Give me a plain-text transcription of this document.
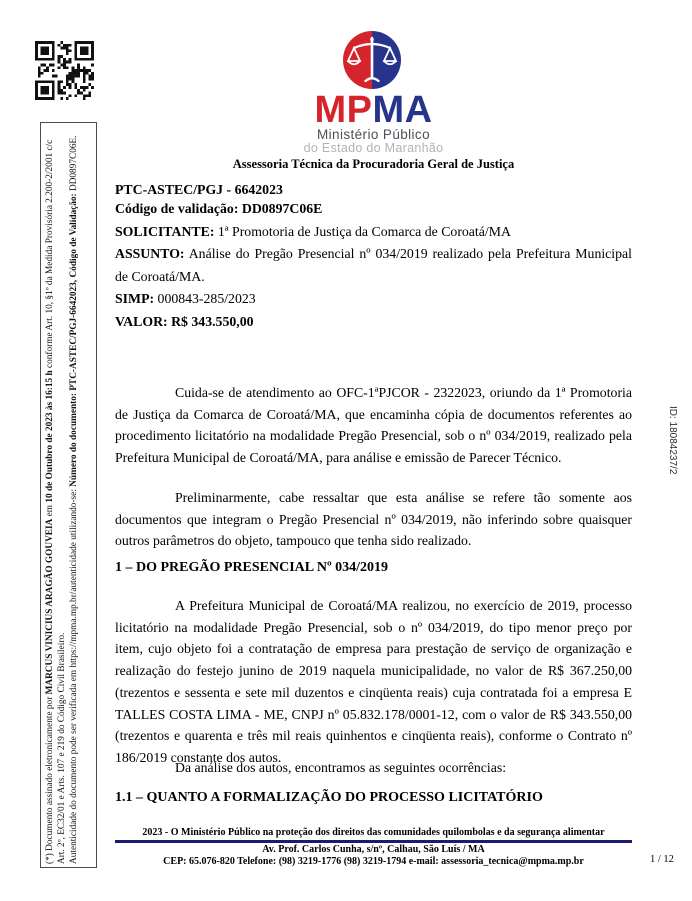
(*) Documento assinado eletronicamente por MARCUS VINICIUS ARAGÃO GOUVEIA em 10 de Outubro de 2023 às 16:15 h conforme Art. 10, §1º da Medida Provisória 2.200-2/2001 c/c Art. 2º, EC32/01 e Arts. 107 e 219 do Código Civil Brasileiro. Autenticidade do documento pode ser verificada em https://mpma.mp.br/autenticidade utilizando-se: Número do documento: PTC-ASTEC/PGJ-6642023, Código de Validação: DD0897C06E.

ID: 18084237/2
MPMA
Ministério Público
do Estado do Maranhão
Assessoria Técnica da Procuradoria Geral de Justiça
PTC-ASTEC/PGJ - 6642023
Código de validação: DD0897C06E

SOLICITANTE: 1ª Promotoria de Justiça da Comarca de Coroatá/MA

ASSUNTO: Análise do Pregão Presencial nº 034/2019 realizado pela Prefeitura Municipal de Coroatá/MA.

SIMP: 000843-285/2023

VALOR: R$ 343.550,00

Cuida-se de atendimento ao OFC-1ªPJCOR - 2322023, oriundo da 1ª Promotoria de Justiça da Comarca de Coroatá/MA, que encaminha cópia de documentos referentes ao procedimento licitatório na modalidade Pregão Presencial, sob o nº 034/2019, realizado pela Prefeitura Municipal de Coroatá/MA, para análise e emissão de Parecer Técnico.

Preliminarmente, cabe ressaltar que esta análise se refere tão somente aos documentos que integram o Pregão Presencial nº 034/2019, não inferindo sobre quaisquer outros parâmetros do objeto, tampouco que tenha sido realizado.

1 – DO PREGÃO PRESENCIAL Nº 034/2019

A Prefeitura Municipal de Coroatá/MA realizou, no exercício de 2019, processo licitatório na modalidade Pregão Presencial, sob o nº 034/2019, do tipo menor preço por item, cujo objeto foi a contratação de empresa para prestação de serviço de organização e realização do festejo junino de 2019 naquela municipalidade, no valor de R$ 367.250,00 (trezentos e sessenta e sete mil duzentos e cinqüenta reais) cuja contratada foi a empresa E TALLES COSTA LIMA - ME, CNPJ nº 05.832.178/0001-12, com o valor de R$ 343.550,00 (trezentos e quarenta e três mil reais quinhentos e cinqüenta reais), conforme o Contrato nº 186/2019 constante dos autos.

Da análise dos autos, encontramos as seguintes ocorrências:

1.1 – QUANTO A FORMALIZAÇÃO DO PROCESSO LICITATÓRIO
2023 - O Ministério Público na proteção dos direitos das comunidades quilombolas e da segurança alimentar
Av. Prof. Carlos Cunha, s/nº, Calhau, São Luís / MA
CEP: 65.076-820 Telefone: (98) 3219-1776 (98) 3219-1794 e-mail: assessoria_tecnica@mpma.mp.br	1 / 12
